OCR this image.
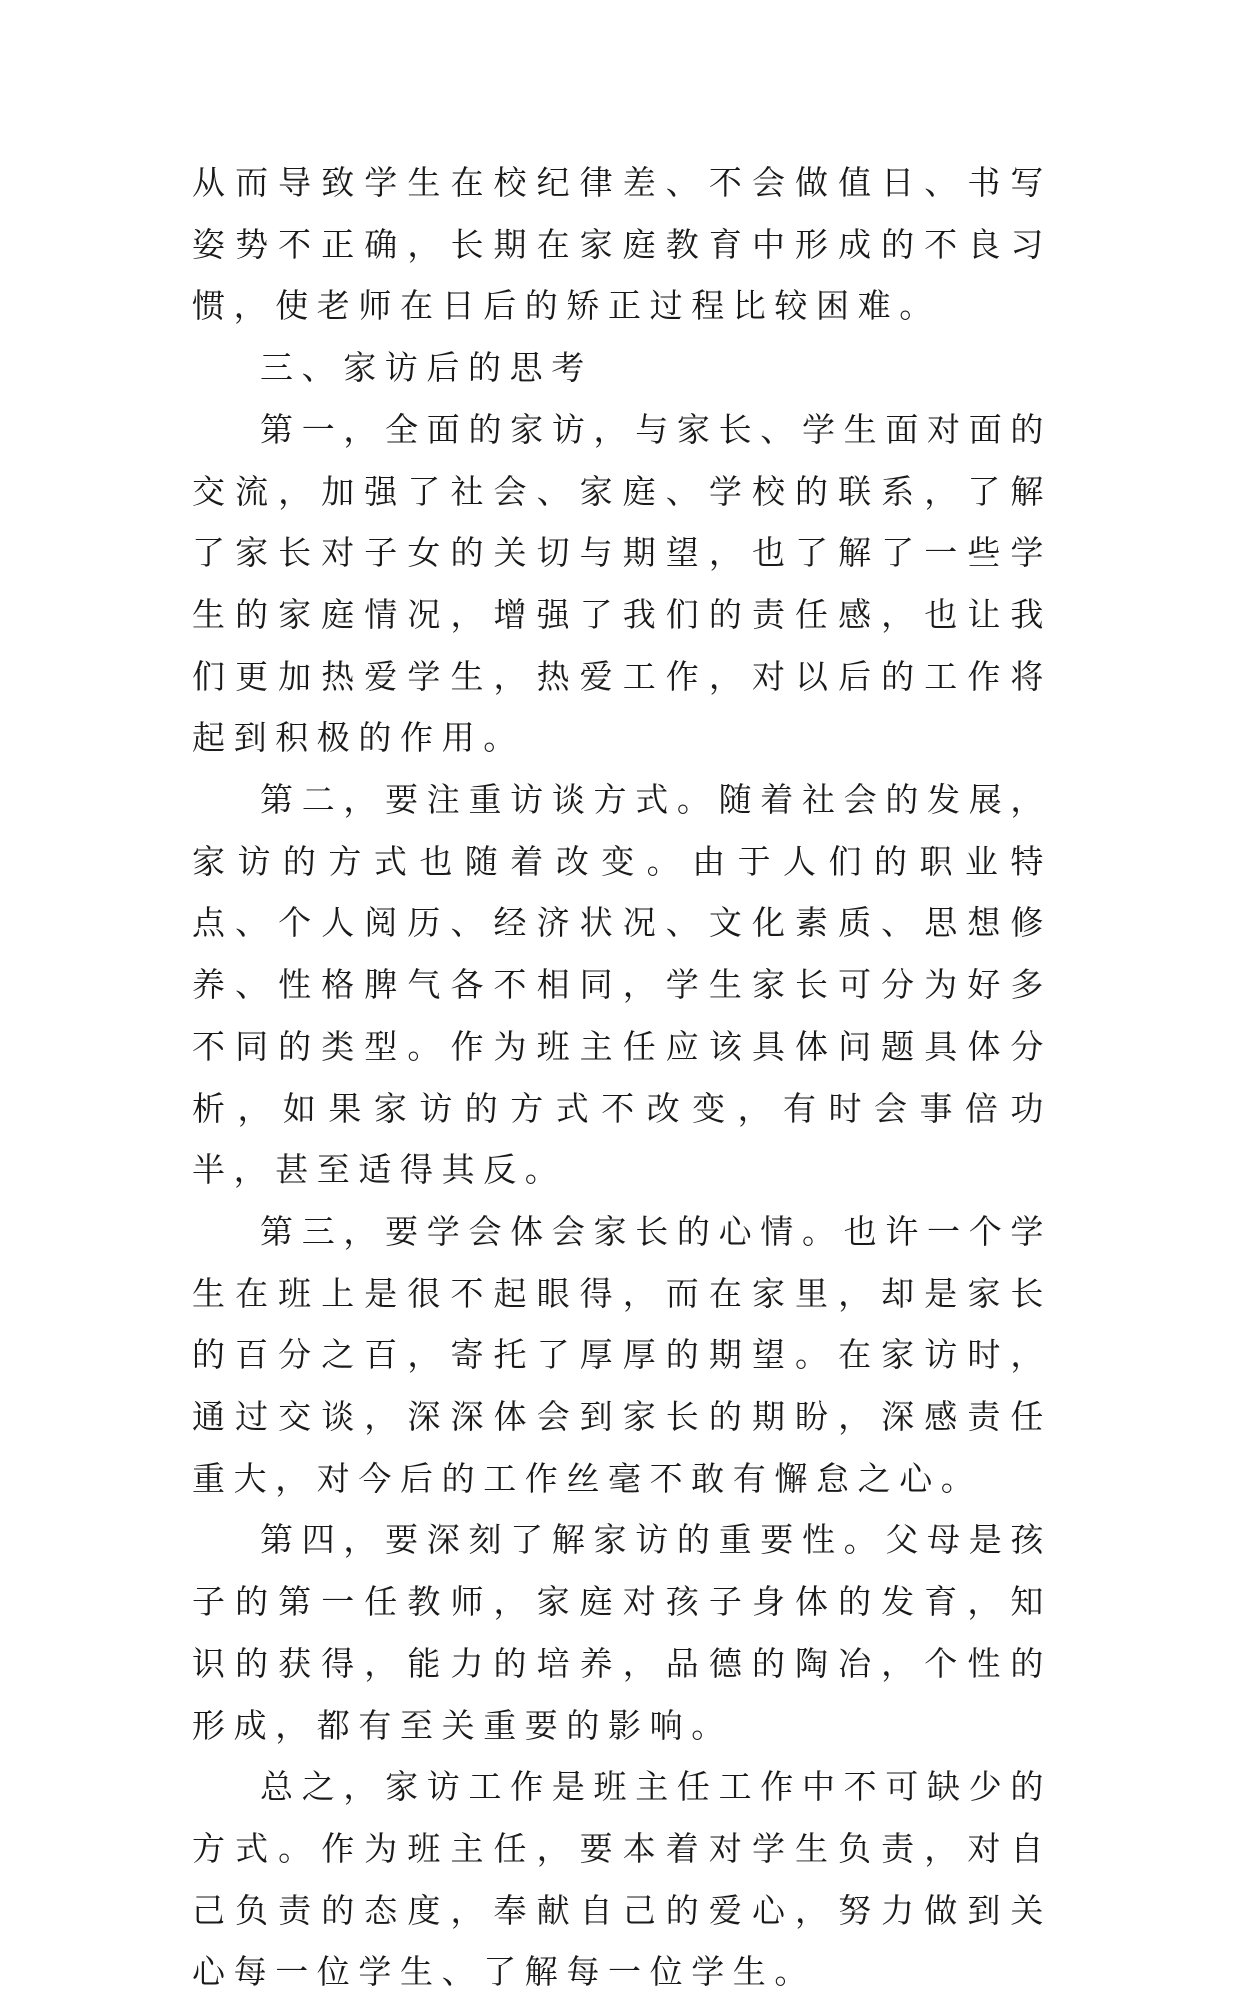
从而导致学生在校纪律差、不会做值日、书写姿势不正确，长期在家庭教育中形成的不良习惯，使老师在日后的矫正过程比较困难。

三、家访后的思考

第一，全面的家访，与家长、学生面对面的交流，加强了社会、家庭、学校的联系，了解了家长对子女的关切与期望，也了解了一些学生的家庭情况，增强了我们的责任感，也让我们更加热爱学生，热爱工作，对以后的工作将起到积极的作用。

第二，要注重访谈方式。随着社会的发展，家访的方式也随着改变。由于人们的职业特点、个人阅历、经济状况、文化素质、思想修养、性格脾气各不相同，学生家长可分为好多不同的类型。作为班主任应该具体问题具体分析，如果家访的方式不改变，有时会事倍功半，甚至适得其反。

第三，要学会体会家长的心情。也许一个学生在班上是很不起眼得，而在家里，却是家长的百分之百，寄托了厚厚的期望。在家访时，通过交谈，深深体会到家长的期盼，深感责任重大，对今后的工作丝毫不敢有懈怠之心。

第四，要深刻了解家访的重要性。父母是孩子的第一任教师，家庭对孩子身体的发育，知识的获得，能力的培养，品德的陶冶，个性的形成，都有至关重要的影响。

总之，家访工作是班主任工作中不可缺少的方式。作为班主任，要本着对学生负责，对自己负责的态度，奉献自己的爱心，努力做到关心每一位学生、了解每一位学生。
